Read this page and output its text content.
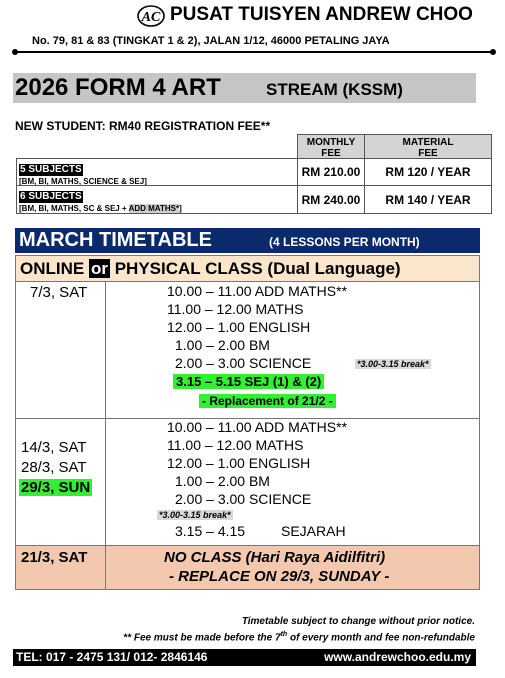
AC PUSAT TUISYEN ANDREW CHOO
No. 79, 81 & 83 (TINGKAT 1 & 2), JALAN 1/12, 46000 PETALING JAYA
2026 FORM 4 ART	STREAM (KSSM)
NEW STUDENT: RM40 REGISTRATION FEE**
MONTHLY
FEE
MATERIAL
FEE
5 SUBJECTS
[BM, BI, MATHS, SCIENCE & SEJ]
RM 210.00	RM 120 / YEAR
6 SUBJECTS
[BM, BI, MATHS, SC & SEJ + ADD MATHS*]
RM 240.00	RM 140 / YEAR
MARCH TIMETABLE	(4 LESSONS PER MONTH)
ONLINE or PHYSICAL CLASS (Dual Language)
7/3, SAT	10.00 – 11.00 ADD MATHS**
11.00 – 12.00 MATHS
12.00 – 1.00 ENGLISH
1.00 – 2.00 BM
2.00 – 3.00 SCIENCE	*3.00-3.15 break*
3.15 – 5.15 SEJ (1) & (2)
- Replacement of 21/2 -
14/3, SAT
28/3, SAT
29/3, SUN
10.00 – 11.00 ADD MATHS**
11.00 – 12.00 MATHS
12.00 – 1.00 ENGLISH
1.00 – 2.00 BM
2.00 – 3.00 SCIENCE
*3.00-3.15 break*
3.15 – 4.15	SEJARAH
21/3, SAT	NO CLASS (Hari Raya Aidilfitri)
- REPLACE ON 29/3, SUNDAY -
Timetable subject to change without prior notice.
** Fee must be made before the 7th of every month and fee non-refundable
TEL: 017 - 2475 131/ 012- 2846146	www.andrewchoo.edu.my
